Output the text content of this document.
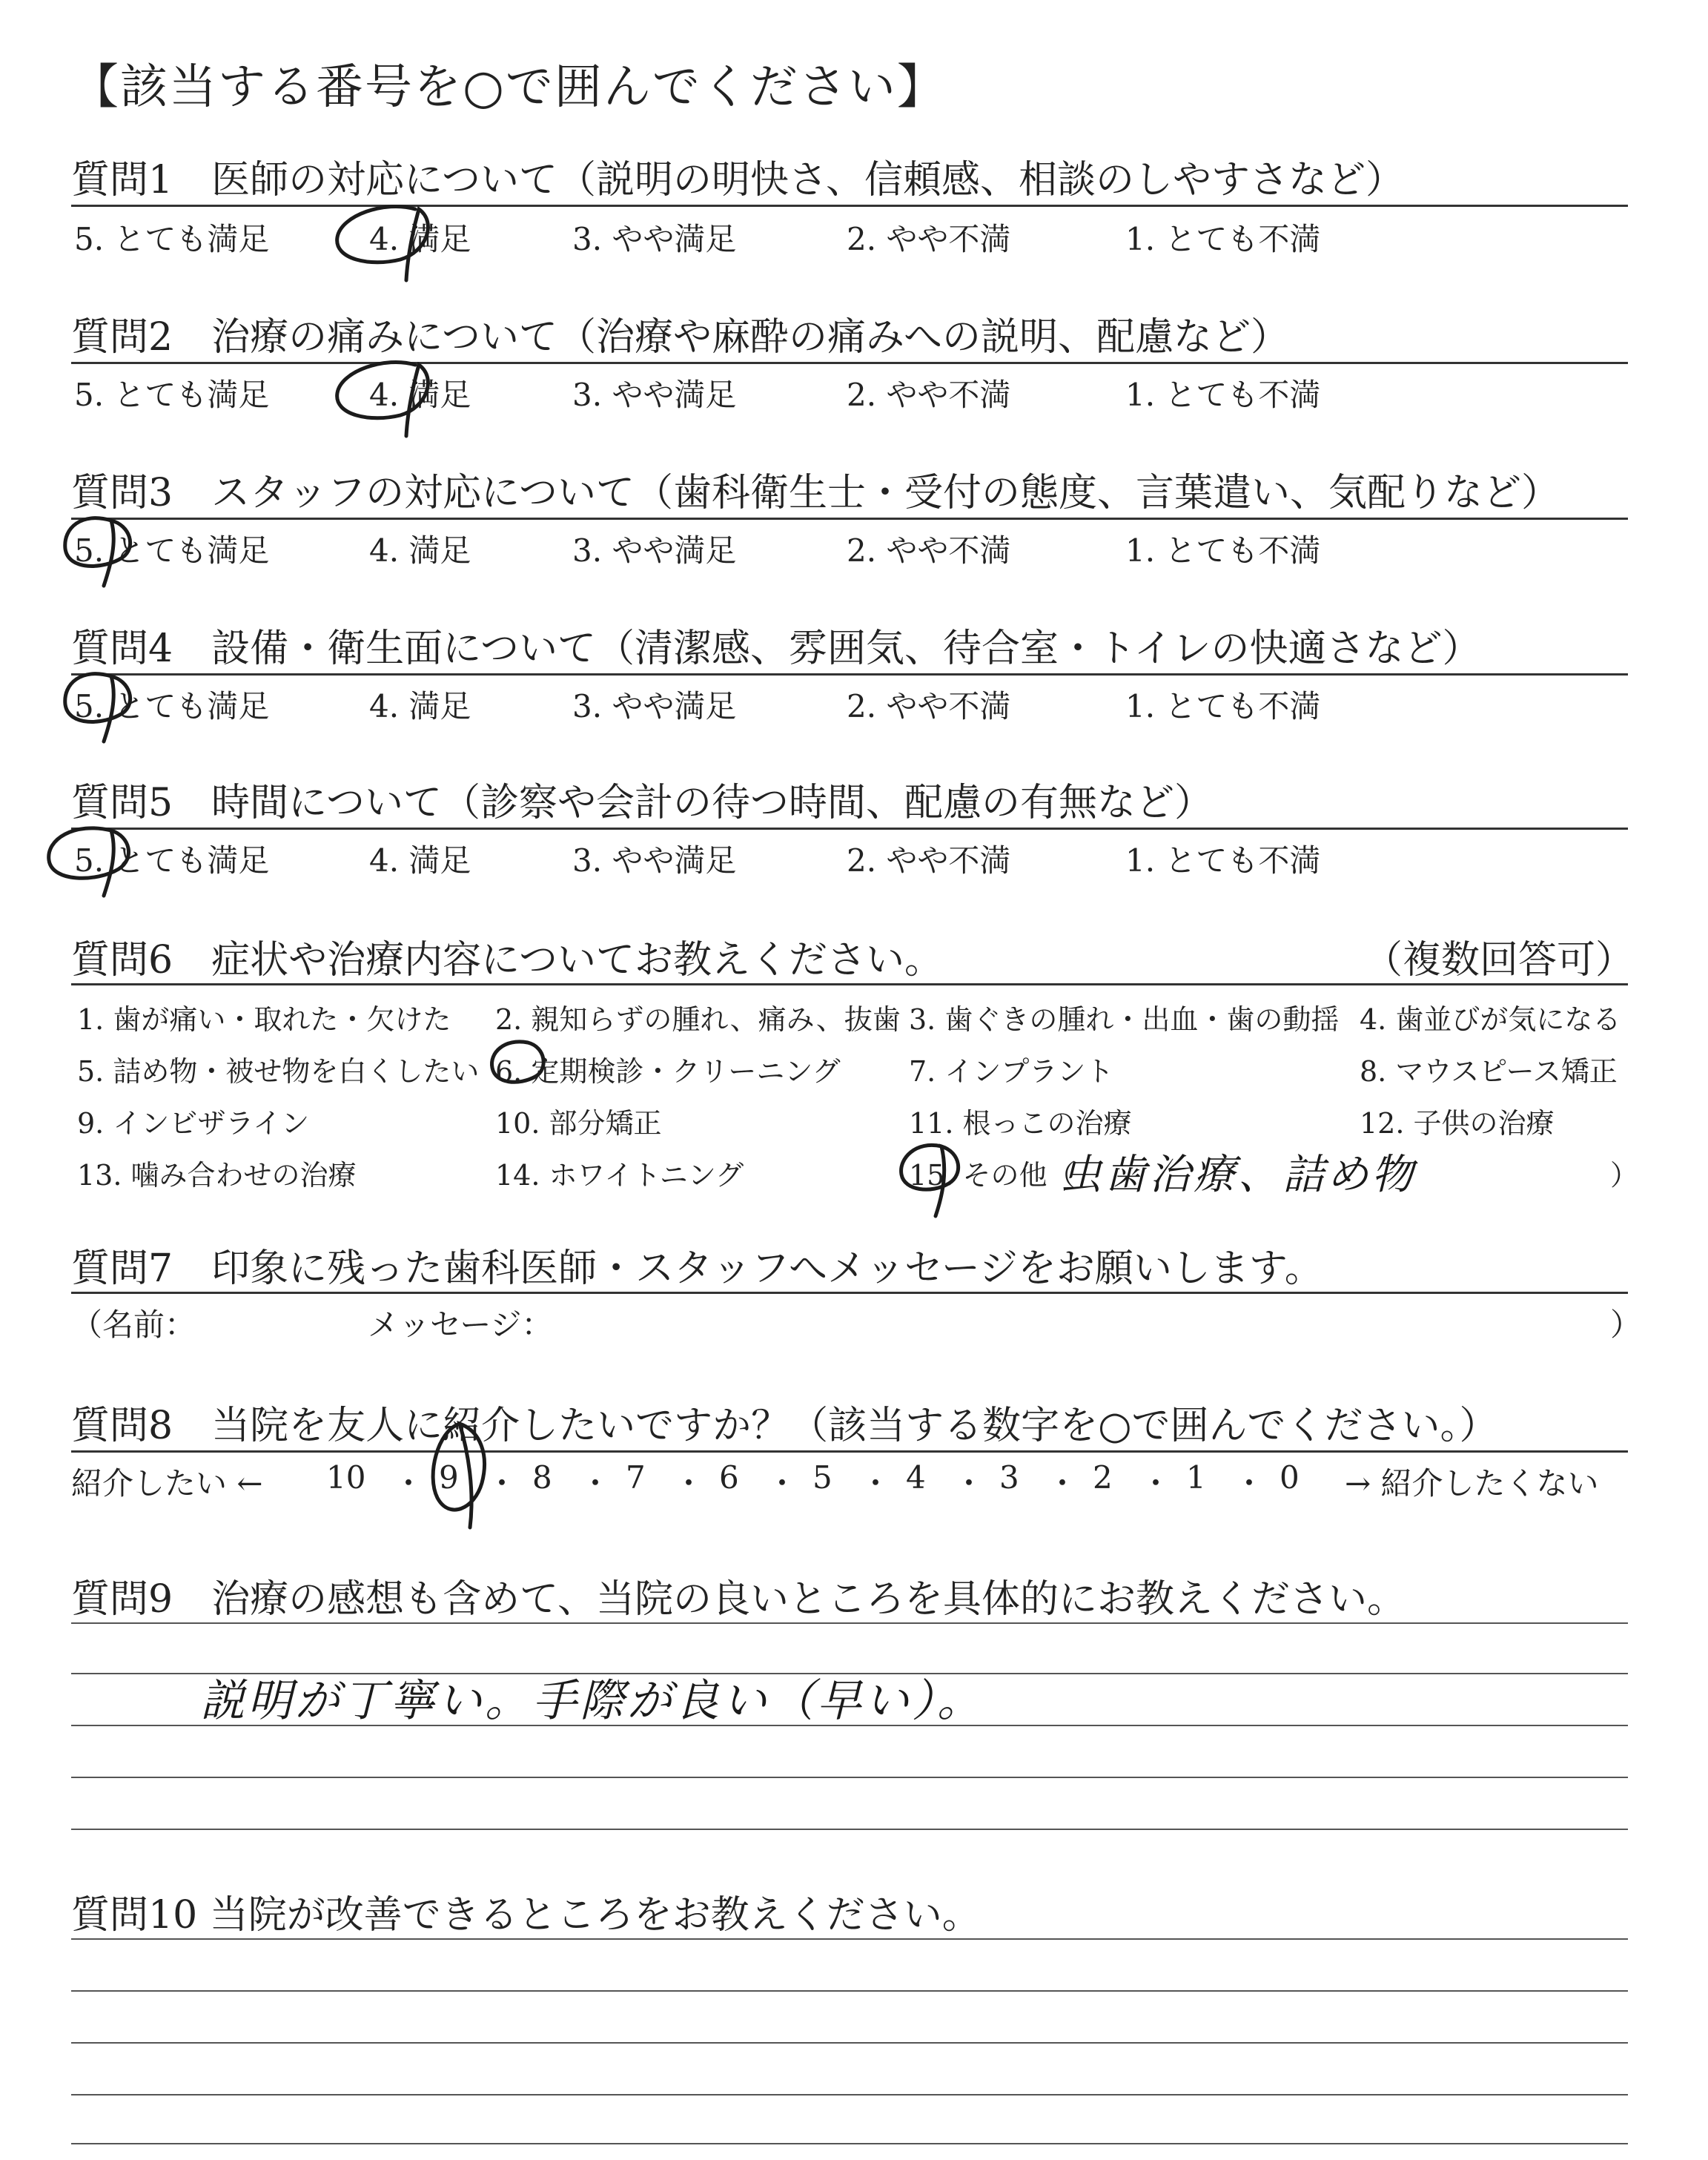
【該当する番号を○で囲んでください】
質問1　医師の対応について（説明の明快さ、信頼感、相談のしやすさなど）
5. とても満足	4. 満足	3. やや満足	2. やや不満	1. とても不満
質問2　治療の痛みについて（治療や麻酔の痛みへの説明、配慮など）
5. とても満足	4. 満足	3. やや満足	2. やや不満	1. とても不満
質問3　スタッフの対応について（歯科衛生士・受付の態度、言葉遣い、気配りなど）
5. とても満足	4. 満足	3. やや満足	2. やや不満	1. とても不満
質問4　設備・衛生面について（清潔感、雰囲気、待合室・トイレの快適さなど）
5. とても満足	4. 満足	3. やや満足	2. やや不満	1. とても不満
質問5　時間について（診察や会計の待つ時間、配慮の有無など）
5. とても満足	4. 満足	3. やや満足	2. やや不満	1. とても不満
質問6　症状や治療内容についてお教えください。	（複数回答可）
1. 歯が痛い・取れた・欠けた 2. 親知らずの腫れ、痛み、抜歯 3. 歯ぐきの腫れ・出血・歯の動揺 4. 歯並びが気になる
5. 詰め物・被せ物を白くしたい 6. 定期検診・クリーニング 7. インプラント	8. マウスピース矯正
9. インビザライン	10. 部分矯正	11. 根っこの治療	12. 子供の治療
13. 噛み合わせの治療	14. ホワイトニング	15. その他（
虫歯治療、詰め物	）
質問7　印象に残った歯科医師・スタッフへメッセージをお願いします。
（名前：	メッセージ：	）
質問8　当院を友人に紹介したいですか？（該当する数字を○で囲んでください。）
紹介したい ← 10 ・ 9 ・ 8 ・ 7 ・ 6 ・ 5 ・ 4 ・ 3 ・ 2 ・ 1 ・ 0 → 紹介したくない
質問9　治療の感想も含めて、当院の良いところを具体的にお教えください。
説明が丁寧い。手際が良い（早い）。
質問10 当院が改善できるところをお教えください。
